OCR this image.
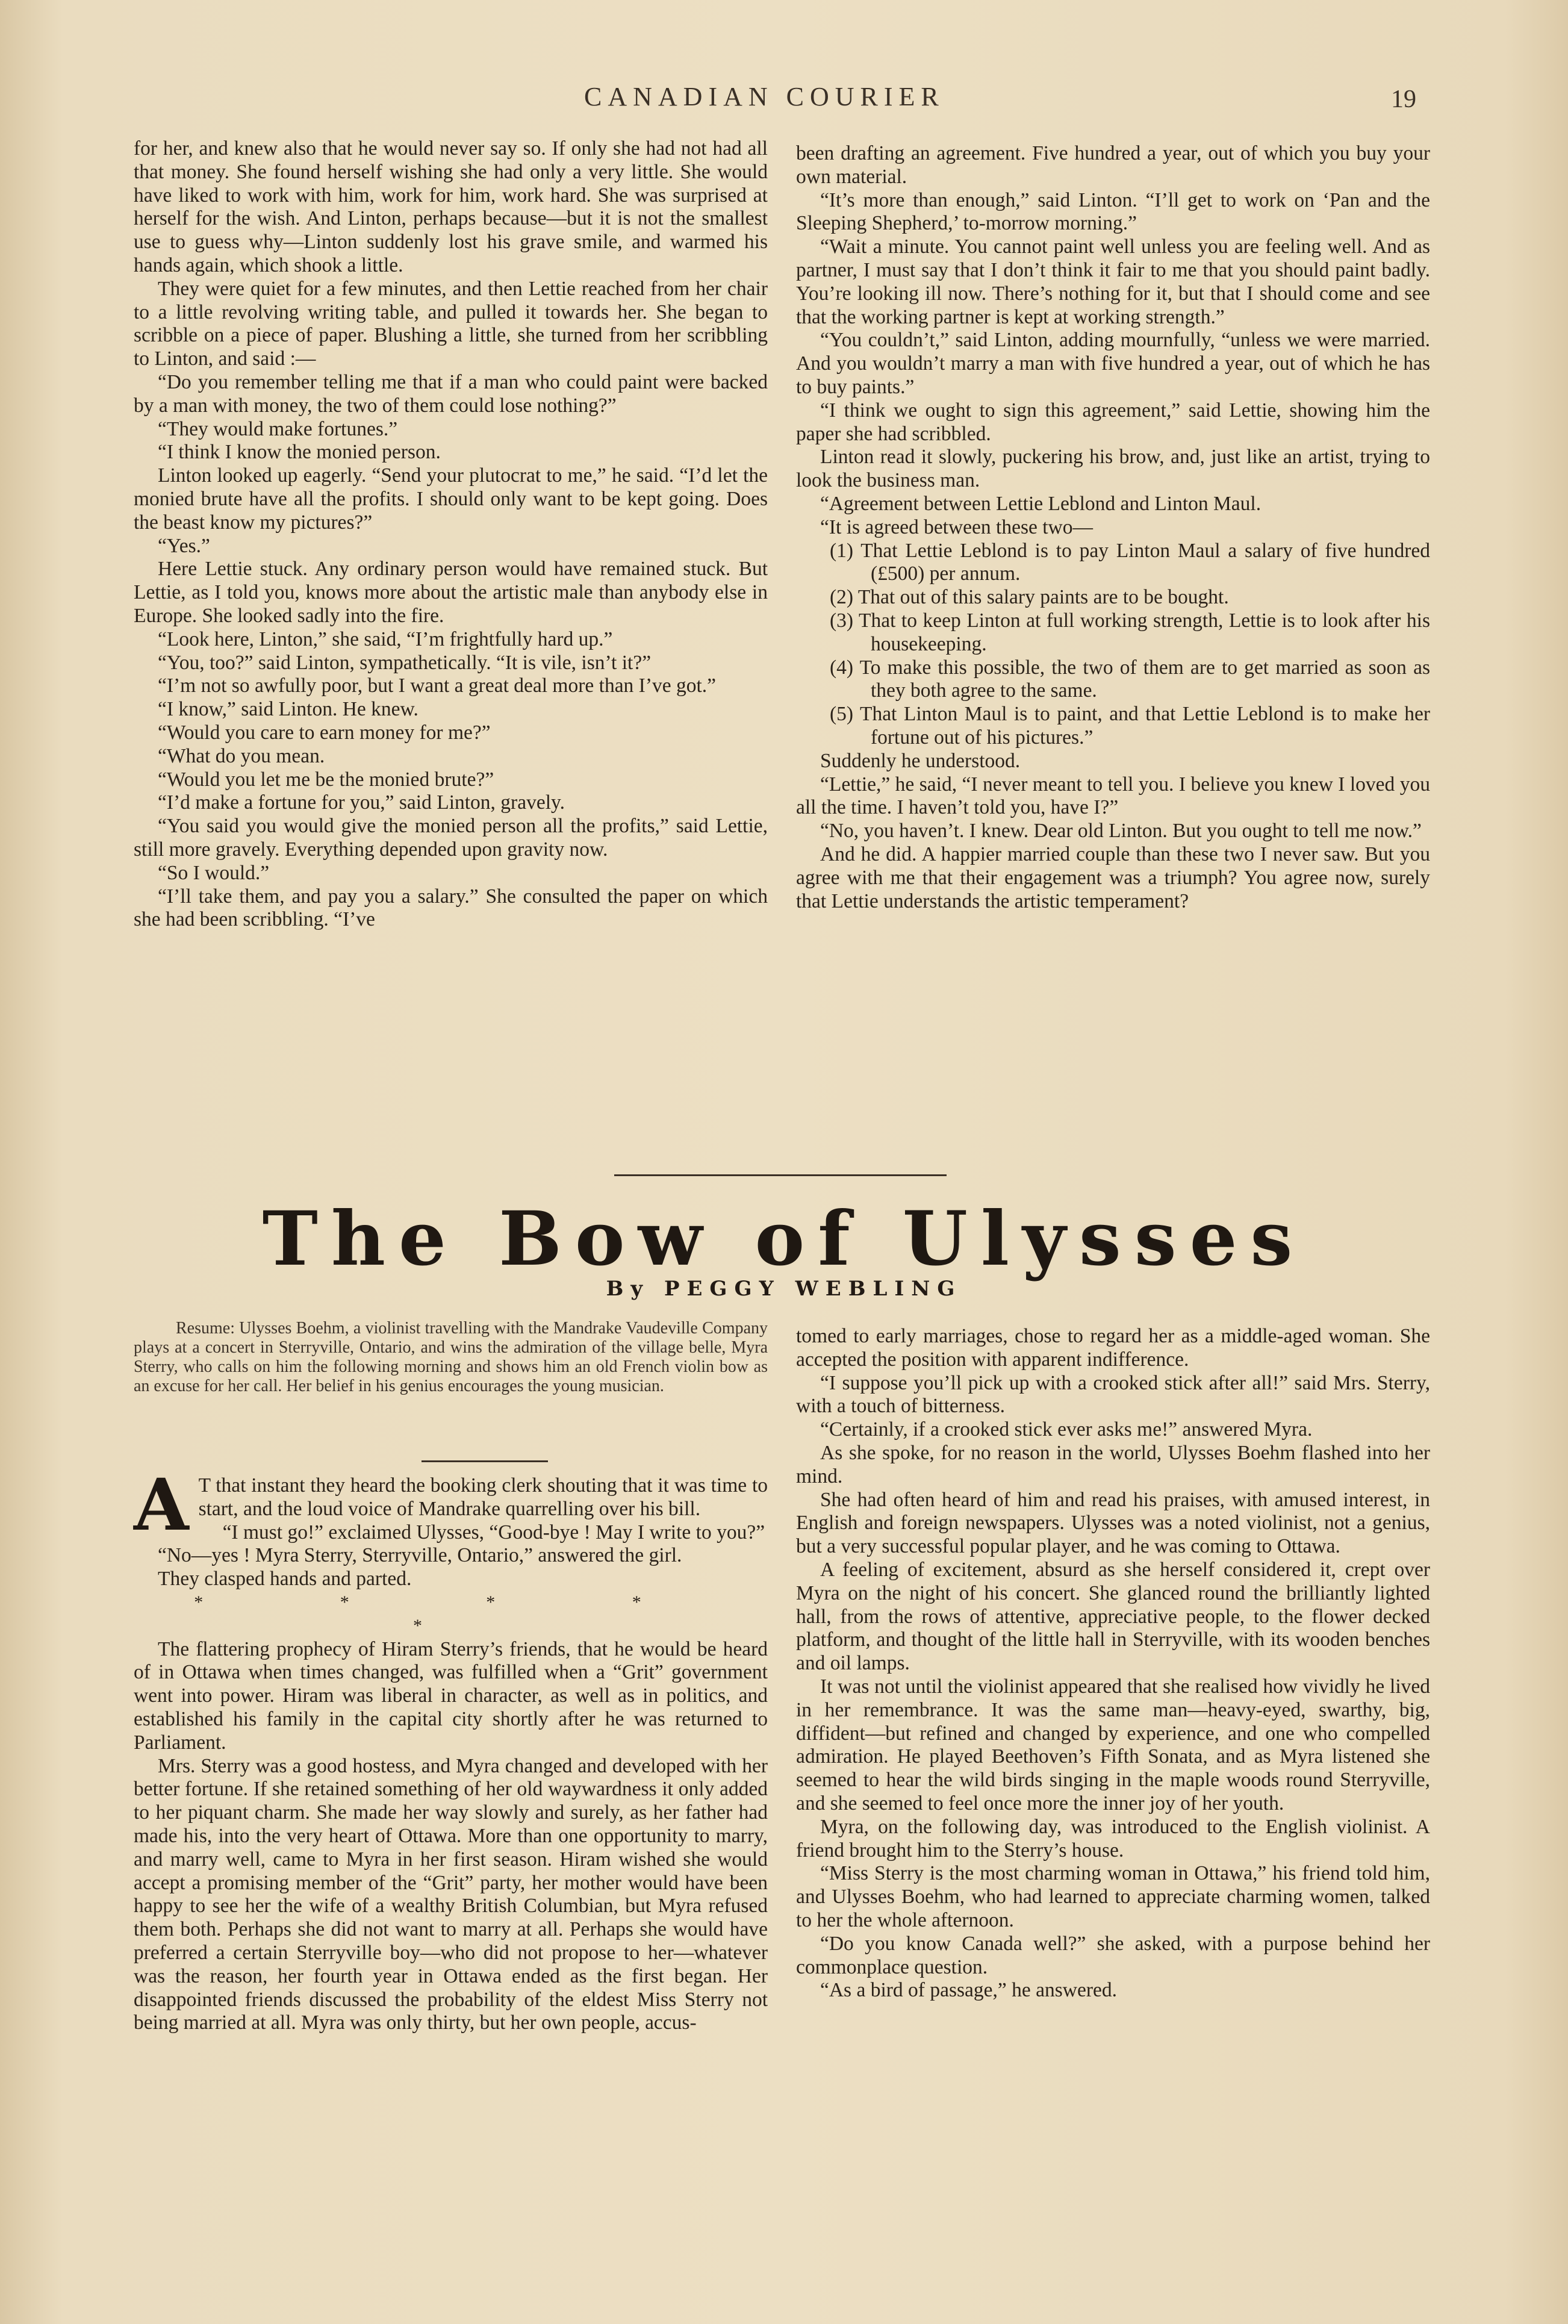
CANADIAN COURIER	19

for her, and knew also that he would never say so. If only she had not had all that money. She found herself wishing she had only a very little. She would have liked to work with him, work for him, work hard. She was surprised at herself for the wish. And Linton, perhaps because—but it is not the smallest use to guess why—Linton suddenly lost his grave smile, and warmed his hands again, which shook a little.

They were quiet for a few minutes, and then Lettie reached from her chair to a little revolving writing table, and pulled it towards her. She began to scribble on a piece of paper. Blushing a little, she turned from her scribbling to Linton, and said :—

“Do you remember telling me that if a man who could paint were backed by a man with money, the two of them could lose nothing?”

“They would make fortunes.”

“I think I know the monied person.

Linton looked up eagerly. “Send your plutocrat to me,” he said. “I’d let the monied brute have all the profits. I should only want to be kept going. Does the beast know my pictures?”

“Yes.”

Here Lettie stuck. Any ordinary person would have remained stuck. But Lettie, as I told you, knows more about the artistic male than anybody else in Europe. She looked sadly into the fire.

“Look here, Linton,” she said, “I’m frightfully hard up.”

“You, too?” said Linton, sympathetically. “It is vile, isn’t it?”

“I’m not so awfully poor, but I want a great deal more than I’ve got.”

“I know,” said Linton. He knew.

“Would you care to earn money for me?”

“What do you mean.

“Would you let me be the monied brute?”

“I’d make a fortune for you,” said Linton, gravely.

“You said you would give the monied person all the profits,” said Lettie, still more gravely. Everything depended upon gravity now.

“So I would.”

“I’ll take them, and pay you a salary.” She consulted the paper on which she had been scribbling. “I’ve

been drafting an agreement. Five hundred a year, out of which you buy your own material.

“It’s more than enough,” said Linton. “I’ll get to work on ‘Pan and the Sleeping Shepherd,’ to-morrow morning.”

“Wait a minute. You cannot paint well unless you are feeling well. And as partner, I must say that I don’t think it fair to me that you should paint badly. You’re looking ill now. There’s nothing for it, but that I should come and see that the working partner is kept at working strength.”

“You couldn’t,” said Linton, adding mournfully, “unless we were married. And you wouldn’t marry a man with five hundred a year, out of which he has to buy paints.”

“I think we ought to sign this agreement,” said Lettie, showing him the paper she had scribbled.

Linton read it slowly, puckering his brow, and, just like an artist, trying to look the business man.

“Agreement between Lettie Leblond and Linton Maul.

“It is agreed between these two—

(1) That Lettie Leblond is to pay Linton Maul a salary of five hundred (£500) per annum.

(2) That out of this salary paints are to be bought.

(3) That to keep Linton at full working strength, Lettie is to look after his housekeeping.

(4) To make this possible, the two of them are to get married as soon as they both agree to the same.

(5) That Linton Maul is to paint, and that Lettie Leblond is to make her fortune out of his pictures.”

Suddenly he understood.

“Lettie,” he said, “I never meant to tell you. I believe you knew I loved you all the time. I haven’t told you, have I?”

“No, you haven’t. I knew. Dear old Linton. But you ought to tell me now.”

And he did. A happier married couple than these two I never saw. But you agree with me that their engagement was a triumph? You agree now, surely that Lettie understands the artistic temperament?

The Bow of Ulysses
By PEGGY WEBLING

Resume: Ulysses Boehm, a violinist travelling with the Mandrake Vaudeville Company plays at a concert in Sterryville, Ontario, and wins the admiration of the village belle, Myra Sterry, who calls on him the following morning and shows him an old French violin bow as an excuse for her call. Her belief in his genius encourages the young musician.

A T that instant they heard the booking clerk shouting that it was time to start, and the loud voice of Mandrake quarrelling over his bill.

“I must go!” exclaimed Ulysses, “Good-bye ! May I write to you?”

“No—yes ! Myra Sterry, Sterryville, Ontario,” answered the girl.

They clasped hands and parted.

* * * * *

The flattering prophecy of Hiram Sterry’s friends, that he would be heard of in Ottawa when times changed, was fulfilled when a “Grit” government went into power. Hiram was liberal in character, as well as in politics, and established his family in the capital city shortly after he was returned to Parliament.

Mrs. Sterry was a good hostess, and Myra changed and developed with her better fortune. If she retained something of her old waywardness it only added to her piquant charm. She made her way slowly and surely, as her father had made his, into the very heart of Ottawa. More than one opportunity to marry, and marry well, came to Myra in her first season. Hiram wished she would accept a promising member of the “Grit” party, her mother would have been happy to see her the wife of a wealthy British Columbian, but Myra refused them both. Perhaps she did not want to marry at all. Perhaps she would have preferred a certain Sterryville boy—who did not propose to her—whatever was the reason, her fourth year in Ottawa ended as the first began. Her disappointed friends discussed the probability of the eldest Miss Sterry not being married at all. Myra was only thirty, but her own people, accus-

tomed to early marriages, chose to regard her as a middle-aged woman. She accepted the position with apparent indifference.

“I suppose you’ll pick up with a crooked stick after all!” said Mrs. Sterry, with a touch of bitterness.

“Certainly, if a crooked stick ever asks me!” answered Myra.

As she spoke, for no reason in the world, Ulysses Boehm flashed into her mind.

She had often heard of him and read his praises, with amused interest, in English and foreign newspapers. Ulysses was a noted violinist, not a genius, but a very successful popular player, and he was coming to Ottawa.

A feeling of excitement, absurd as she herself considered it, crept over Myra on the night of his concert. She glanced round the brilliantly lighted hall, from the rows of attentive, appreciative people, to the flower decked platform, and thought of the little hall in Sterryville, with its wooden benches and oil lamps.

It was not until the violinist appeared that she realised how vividly he lived in her remembrance. It was the same man—heavy-eyed, swarthy, big, diffident—but refined and changed by experience, and one who compelled admiration. He played Beethoven’s Fifth Sonata, and as Myra listened she seemed to hear the wild birds singing in the maple woods round Sterryville, and she seemed to feel once more the inner joy of her youth.

Myra, on the following day, was introduced to the English violinist. A friend brought him to the Sterry’s house.

“Miss Sterry is the most charming woman in Ottawa,” his friend told him, and Ulysses Boehm, who had learned to appreciate charming women, talked to her the whole afternoon.

“Do you know Canada well?” she asked, with a purpose behind her commonplace question.

“As a bird of passage,” he answered.
